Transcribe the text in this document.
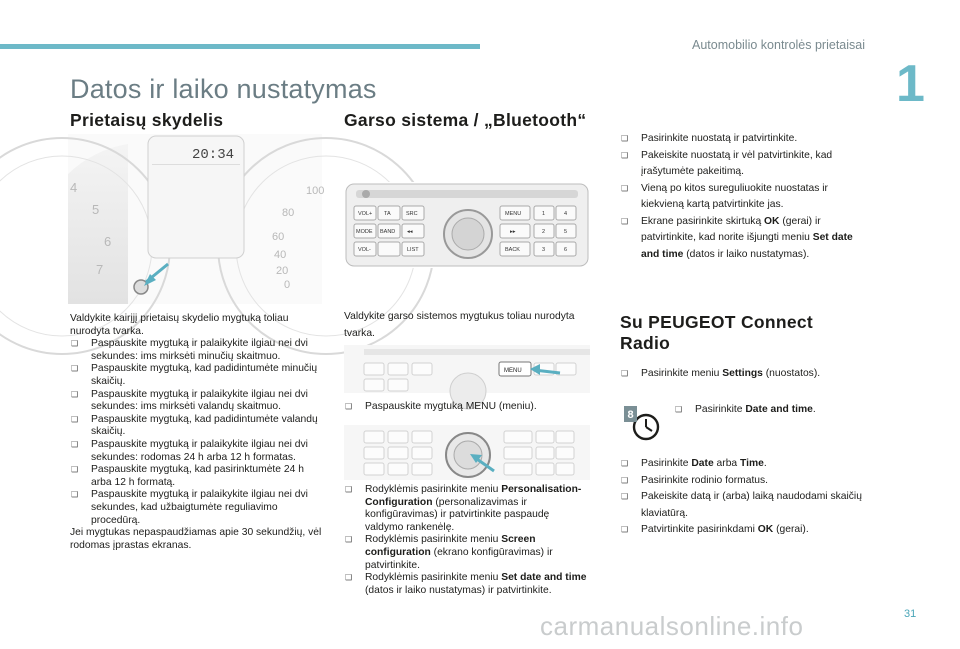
Automobilio kontrolės prietaisai
1
Datos ir laiko nustatymas
Prietaisų skydelis
4
5
6
7
100
80
60
40
20
0
20:34
Valdykite kairįjį prietaisų skydelio mygtuką toliau nurodyta tvarka.
❑ Paspauskite mygtuką ir palaikykite ilgiau nei dvi sekundes: ims mirksėti minučių skaitmuo.
❑ Paspauskite mygtuką, kad padidintumėte minučių skaičių.
❑ Paspauskite mygtuką ir palaikykite ilgiau nei dvi sekundes: ims mirksėti valandų skaitmuo.
❑ Paspauskite mygtuką, kad padidintumėte valandų skaičių.
❑ Paspauskite mygtuką ir palaikykite ilgiau nei dvi sekundes: rodomas 24 h arba 12 h formatas.
❑ Paspauskite mygtuką, kad pasirinktumėte 24 h arba 12 h formatą.
❑ Paspauskite mygtuką ir palaikykite ilgiau nei dvi sekundes, kad užbaigtumėte reguliavimo procedūrą.
Jei mygtukas nepaspaudžiamas apie 30 sekundžių, vėl rodomas įprastas ekranas.
Garso sistema / „Bluetooth“
VOL+ TA	SRC
MODE BAND ◂◂
VOL-	LIST
MENU
▸▸
BACK
1	4
2	5
3	6
Valdykite garso sistemos mygtukus toliau nurodyta tvarka.
MENU
❑ Paspauskite mygtuką MENU (meniu).
❑ Rodyklėmis pasirinkite meniu Personalisation- Configuration (personalizavimas ir konfigūravimas) ir patvirtinkite paspaudę valdymo rankenėlę.
❑ Rodyklėmis pasirinkite meniu Screen configuration (ekrano konfigūravimas) ir patvirtinkite.
❑ Rodyklėmis pasirinkite meniu Set date and time (datos ir laiko nustatymas) ir patvirtinkite.
❑ Pasirinkite nuostatą ir patvirtinkite.
❑ Pakeiskite nuostatą ir vėl patvirtinkite, kad įrašytumėte pakeitimą.
❑ Vieną po kitos sureguliuokite nuostatas ir kiekvieną kartą patvirtinkite jas.
❑ Ekrane pasirinkite skirtuką OK (gerai) ir patvirtinkite, kad norite išjungti meniu Set date and time (datos ir laiko nustatymas).
Su PEUGEOT Connect
Radio
❑ Pasirinkite meniu Settings (nuostatos).
8	❑ Pasirinkite Date and time.
❑ Pasirinkite Date arba Time.
❑ Pasirinkite rodinio formatus.
❑ Pakeiskite datą ir (arba) laiką naudodami skaičių klaviatūrą.
❑ Patvirtinkite pasirinkdami OK (gerai).
31
carmanualsonline.info
